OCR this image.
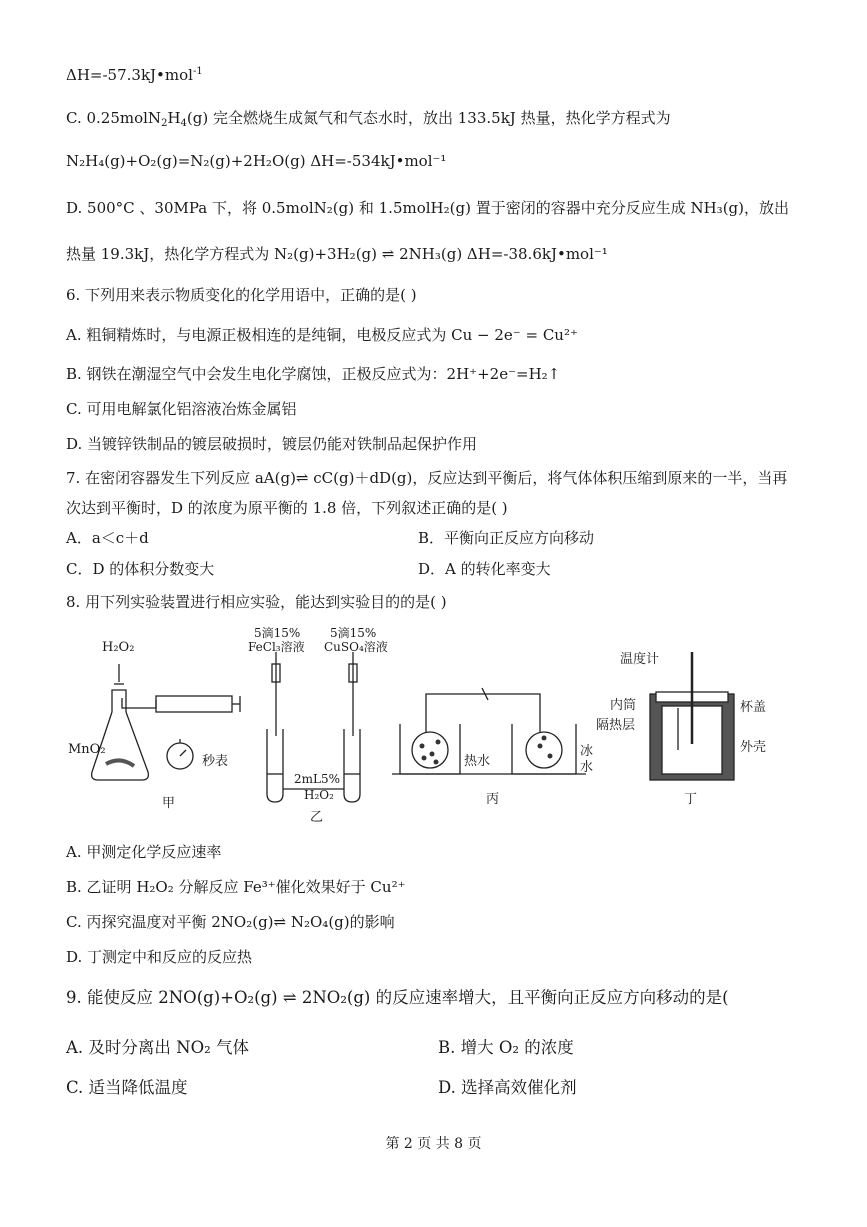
ΔH=-57.3kJ•mol$^{-1}$
C. $0.25molN_2H_4(g)$ 完全燃烧生成氮气和气态水时，放出 133.5kJ 热量，热化学方程式为
N₂H₄(g)+O₂(g)=N₂(g)+2H₂O(g) ΔH=-534kJ•mol⁻¹
D. 500°C 、30MPa 下，将 0.5molN₂(g) 和 1.5molH₂(g) 置于密闭的容器中充分反应生成 NH₃(g)，放出
热量 19.3kJ，热化学方程式为 N₂(g)+3H₂(g) ⇌ 2NH₃(g) ΔH=-38.6kJ•mol⁻¹
6. 下列用来表示物质变化的化学用语中，正确的是( )
A. 粗铜精炼时，与电源正极相连的是纯铜，电极反应式为 Cu − 2e⁻ = Cu²⁺
B. 钢铁在潮湿空气中会发生电化学腐蚀，正极反应式为：2H⁺+2e⁻=H₂↑
C. 可用电解氯化铝溶液冶炼金属铝
D. 当镀锌铁制品的镀层破损时，镀层仍能对铁制品起保护作用
7. 在密闭容器发生下列反应 aA(g)⇌ cC(g)＋dD(g)，反应达到平衡后，将气体体积压缩到原来的一半，当再
次达到平衡时，D 的浓度为原平衡的 1.8 倍，下列叙述正确的是( )
A．a＜c＋d	B．平衡向正反应方向移动
C．D 的体积分数变大	D．A 的转化率变大
8. 用下列实验装置进行相应实验，能达到实验目的的是( )
H₂O₂
MnO₂
秒表
甲
5滴15%
FeCl₃溶液
5滴15%
CuSO₄溶液
2mL5%
H₂O₂
乙
热水
冰
水
丙
温度计
内筒
隔热层
杯盖
外壳
丁
A. 甲测定化学反应速率
B. 乙证明 H₂O₂ 分解反应 Fe³⁺催化效果好于 Cu²⁺
C. 丙探究温度对平衡 2NO₂(g)⇌ N₂O₄(g)的影响
D. 丁测定中和反应的反应热
9. 能使反应 2NO(g)+O₂(g) ⇌ 2NO₂(g) 的反应速率增大，且平衡向正反应方向移动的是(
A. 及时分离出 NO₂ 气体	B. 增大 O₂ 的浓度
C. 适当降低温度	D. 选择高效催化剂
第 2 页 共 8 页
